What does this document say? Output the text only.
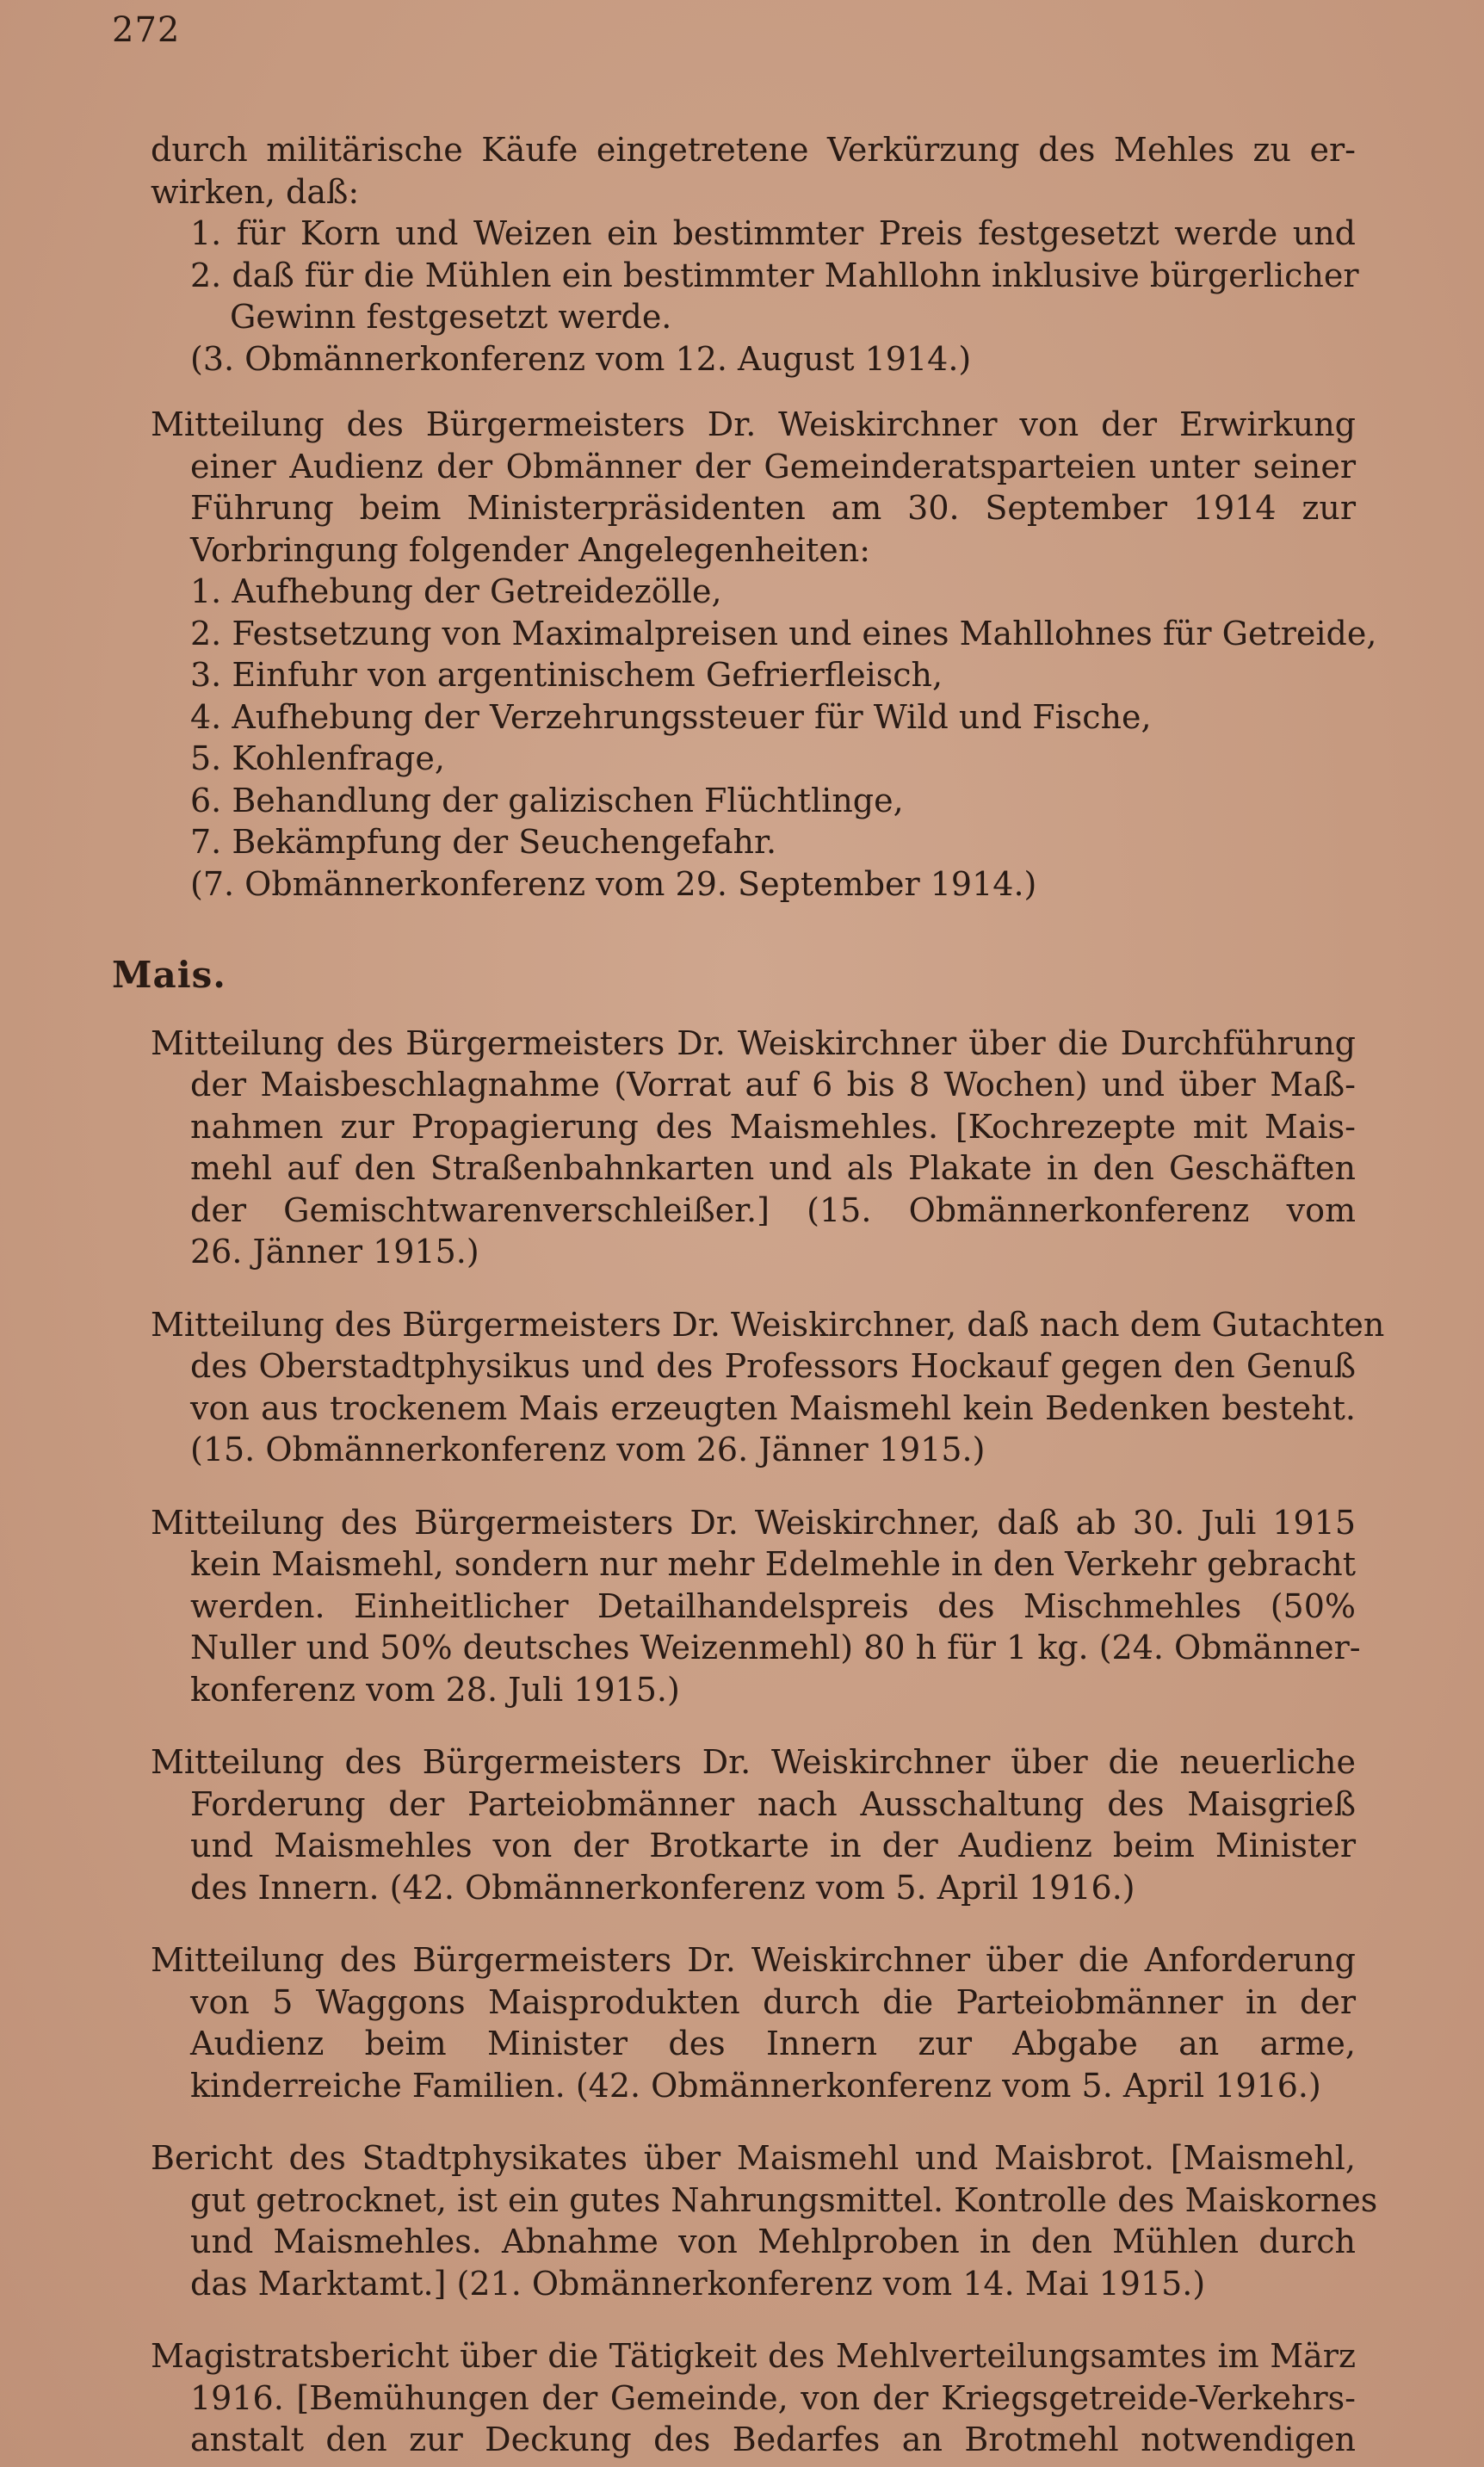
272
durch militärische Käufe eingetretene Verkürzung des Mehles zu er-
wirken, daß:
1. für Korn und Weizen ein bestimmter Preis festgesetzt werde und
2. daß für die Mühlen ein bestimmter Mahllohn inklusive bürgerlicher
Gewinn festgesetzt werde.
(3. Obmännerkonferenz vom 12. August 1914.)
Mitteilung des Bürgermeisters Dr. Weiskirchner von der Erwirkung
einer Audienz der Obmänner der Gemeinderatsparteien unter seiner
Führung beim Ministerpräsidenten am 30. September 1914 zur
Vorbringung folgender Angelegenheiten:
1. Aufhebung der Getreidezölle,
2. Festsetzung von Maximalpreisen und eines Mahllohnes für Getreide,
3. Einfuhr von argentinischem Gefrierfleisch,
4. Aufhebung der Verzehrungssteuer für Wild und Fische,
5. Kohlenfrage,
6. Behandlung der galizischen Flüchtlinge,
7. Bekämpfung der Seuchengefahr.
(7. Obmännerkonferenz vom 29. September 1914.)
Mais.
Mitteilung des Bürgermeisters Dr. Weiskirchner über die Durchführung
der Maisbeschlagnahme (Vorrat auf 6 bis 8 Wochen) und über Maß-
nahmen zur Propagierung des Maismehles. [Kochrezepte mit Mais-
mehl auf den Straßenbahnkarten und als Plakate in den Geschäften
der Gemischtwarenverschleißer.] (15. Obmännerkonferenz vom
26. Jänner 1915.)
Mitteilung des Bürgermeisters Dr. Weiskirchner, daß nach dem Gutachten
des Oberstadtphysikus und des Professors Hockauf gegen den Genuß
von aus trockenem Mais erzeugten Maismehl kein Bedenken besteht.
(15. Obmännerkonferenz vom 26. Jänner 1915.)
Mitteilung des Bürgermeisters Dr. Weiskirchner, daß ab 30. Juli 1915
kein Maismehl, sondern nur mehr Edelmehle in den Verkehr gebracht
werden. Einheitlicher Detailhandelspreis des Mischmehles (50%
Nuller und 50% deutsches Weizenmehl) 80 h für 1 kg. (24. Obmänner-
konferenz vom 28. Juli 1915.)
Mitteilung des Bürgermeisters Dr. Weiskirchner über die neuerliche
Forderung der Parteiobmänner nach Ausschaltung des Maisgrieß
und Maismehles von der Brotkarte in der Audienz beim Minister
des Innern. (42. Obmännerkonferenz vom 5. April 1916.)
Mitteilung des Bürgermeisters Dr. Weiskirchner über die Anforderung
von 5 Waggons Maisprodukten durch die Parteiobmänner in der
Audienz beim Minister des Innern zur Abgabe an arme,
kinderreiche Familien. (42. Obmännerkonferenz vom 5. April 1916.)
Bericht des Stadtphysikates über Maismehl und Maisbrot. [Maismehl,
gut getrocknet, ist ein gutes Nahrungsmittel. Kontrolle des Maiskornes
und Maismehles. Abnahme von Mehlproben in den Mühlen durch
das Marktamt.] (21. Obmännerkonferenz vom 14. Mai 1915.)
Magistratsbericht über die Tätigkeit des Mehlverteilungsamtes im März
1916. [Bemühungen der Gemeinde, von der Kriegsgetreide-Verkehrs-
anstalt den zur Deckung des Bedarfes an Brotmehl notwendigen
